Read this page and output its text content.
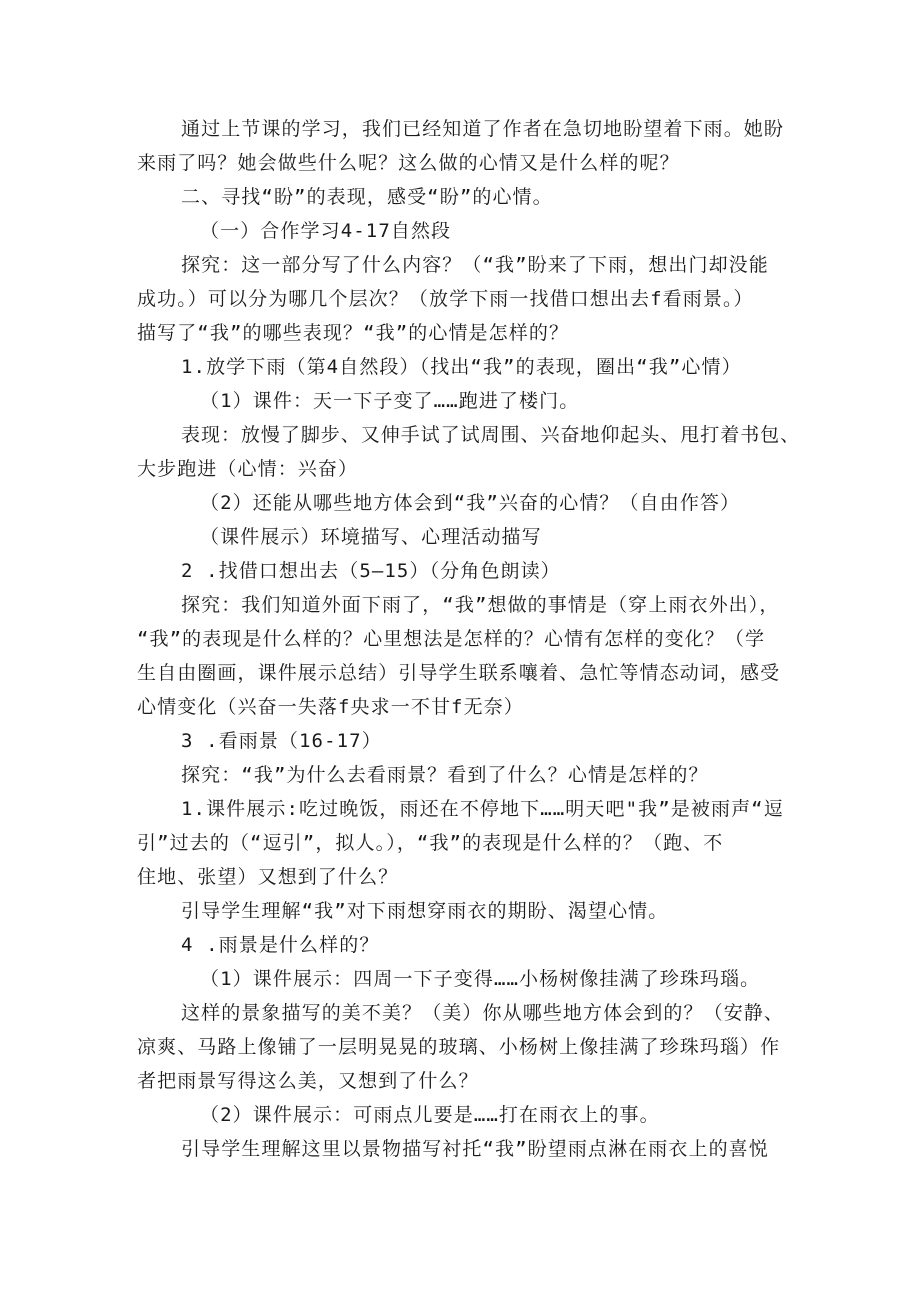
通过上节课的学习，我们已经知道了作者在急切地盼望着下雨。她盼
来雨了吗？她会做些什么呢？这么做的心情又是什么样的呢？
二、寻找“盼”的表现，感受“盼”的心情。
（一）合作学习4-17自然段
探究：这一部分写了什么内容？（“我”盼来了下雨，想出门却没能
成功。）可以分为哪几个层次？（放学下雨一找借口想出去f看雨景。）
描写了“我”的哪些表现？“我”的心情是怎样的？
1.放学下雨（第4自然段）（找出“我”的表现，圈出“我”心情）
（1）课件：天一下子变了……跑进了楼门。
表现：放慢了脚步、又伸手试了试周围、兴奋地仰起头、甩打着书包、
大步跑进（心情：兴奋）
（2）还能从哪些地方体会到“我”兴奋的心情？（自由作答）
（课件展示）环境描写、心理活动描写
2 .找借口想出去（5—15）（分角色朗读）
探究：我们知道外面下雨了，“我”想做的事情是（穿上雨衣外出），
“我”的表现是什么样的？心里想法是怎样的？心情有怎样的变化？（学
生自由圈画，课件展示总结）引导学生联系嚷着、急忙等情态动词，感受
心情变化（兴奋一失落f央求一不甘f无奈）
3 .看雨景（16-17）
探究：“我”为什么去看雨景？看到了什么？心情是怎样的？
1.课件展示:吃过晚饭，雨还在不停地下……明天吧"我”是被雨声“逗
引”过去的（“逗引”，拟人。），“我”的表现是什么样的？（跑、不
住地、张望）又想到了什么？
引导学生理解“我”对下雨想穿雨衣的期盼、渴望心情。
4 .雨景是什么样的？
（1）课件展示：四周一下子变得……小杨树像挂满了珍珠玛瑙。
这样的景象描写的美不美？（美）你从哪些地方体会到的？（安静、
凉爽、马路上像铺了一层明晃晃的玻璃、小杨树上像挂满了珍珠玛瑙）作
者把雨景写得这么美，又想到了什么？
（2）课件展示：可雨点儿要是……打在雨衣上的事。
引导学生理解这里以景物描写衬托“我”盼望雨点淋在雨衣上的喜悦
